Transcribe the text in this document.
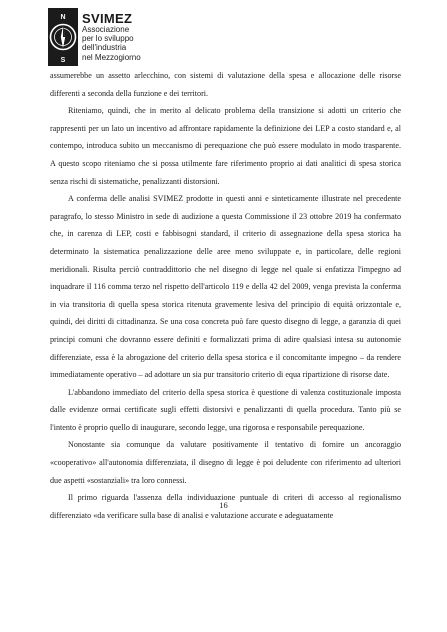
N
S
SVIMEZ
Associazione
per lo sviluppo
dell'industria
nel Mezzogiorno

assumerebbe un assetto arlecchino, con sistemi di valutazione della spesa e allocazione delle risorse differenti a seconda della funzione e dei territori.

Riteniamo, quindi, che in merito al delicato problema della transizione si adotti un criterio che rappresenti per un lato un incentivo ad affrontare rapidamente la definizione dei LEP a costo standard e, al contempo, introduca subito un meccanismo di perequazione che può essere modulato in modo trasparente. A questo scopo riteniamo che si possa utilmente fare riferimento proprio ai dati analitici di spesa storica senza rischi di sistematiche, penalizzanti distorsioni.

A conferma delle analisi SVIMEZ prodotte in questi anni e sinteticamente illustrate nel precedente paragrafo, lo stesso Ministro in sede di audizione a questa Commissione il 23 ottobre 2019 ha confermato che, in carenza di LEP, costi e fabbisogni standard, il criterio di assegnazione della spesa storica ha determinato la sistematica penalizzazione delle aree meno sviluppate e, in particolare, delle regioni meridionali. Risulta perciò contraddittorio che nel disegno di legge nel quale si enfatizza l'impegno ad inquadrare il 116 comma terzo nel rispetto dell'articolo 119 e della 42 del 2009, venga prevista la conferma in via transitoria di quella spesa storica ritenuta gravemente lesiva del principio di equità orizzontale e, quindi, dei diritti di cittadinanza. Se una cosa concreta può fare questo disegno di legge, a garanzia di quei principi comuni che dovranno essere definiti e formalizzati prima di adire qualsiasi intesa su autonomie differenziate, essa è la abrogazione del criterio della spesa storica e il concomitante impegno – da rendere immediatamente operativo – ad adottare un sia pur transitorio criterio di equa ripartizione di risorse date.

L'abbandono immediato del criterio della spesa storica è questione di valenza costituzionale imposta dalle evidenze ormai certificate sugli effetti distorsivi e penalizzanti di quella procedura. Tanto più se l'intento è proprio quello di inaugurare, secondo legge, una rigorosa e responsabile perequazione.

Nonostante sia comunque da valutare positivamente il tentativo di fornire un ancoraggio «cooperativo» all'autonomia differenziata, il disegno di legge è poi deludente con riferimento ad ulteriori due aspetti «sostanziali» tra loro connessi.

Il primo riguarda l'assenza della individuazione puntuale di criteri di accesso al regionalismo differenziato «da verificare sulla base di analisi e valutazione accurate e adeguatamente

16
